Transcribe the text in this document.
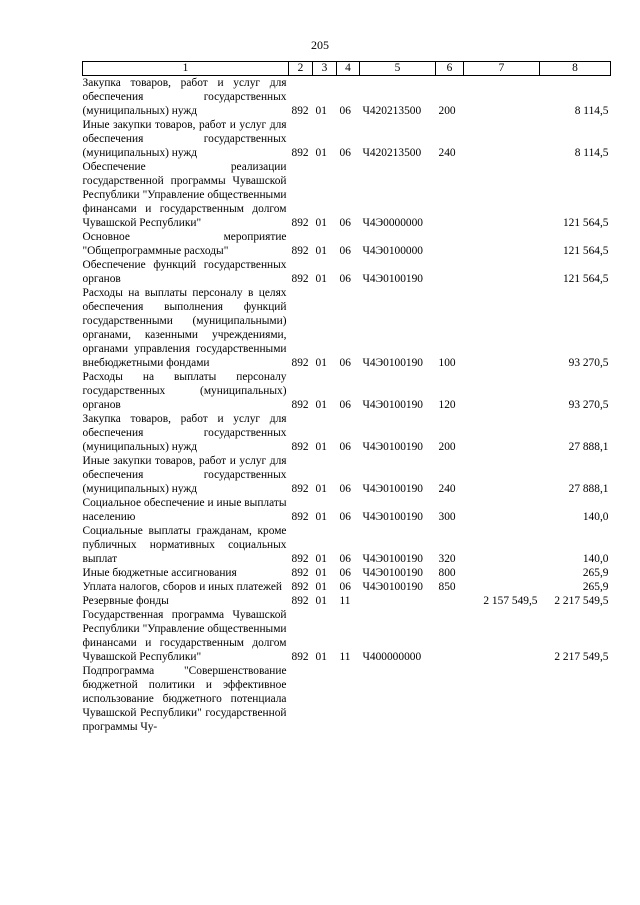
205
1	2	3	4	5	6	7	8
Закупка товаров, работ и услуг для обеспечения государственных (муниципальных) нужд	892	01	06	Ч420213500	200		8 114,5
Иные закупки товаров, работ и услуг для обеспечения государственных (муниципальных) нужд	892	01	06	Ч420213500	240		8 114,5
Обеспечение реализации государственной программы Чувашской Республики "Управление общественными финансами и государственным долгом Чувашской Республики"	892	01	06	Ч4Э0000000			121 564,5
Основное мероприятие "Общепрограммные расходы"	892	01	06	Ч4Э0100000			121 564,5
Обеспечение функций государственных органов	892	01	06	Ч4Э0100190			121 564,5
Расходы на выплаты персоналу в целях обеспечения выполнения функций государственными (муниципальными) органами, казенными учреждениями, органами управления государственными внебюджетными фондами	892	01	06	Ч4Э0100190	100		93 270,5
Расходы на выплаты персоналу государственных (муниципальных) органов	892	01	06	Ч4Э0100190	120		93 270,5
Закупка товаров, работ и услуг для обеспечения государственных (муниципальных) нужд	892	01	06	Ч4Э0100190	200		27 888,1
Иные закупки товаров, работ и услуг для обеспечения государственных (муниципальных) нужд	892	01	06	Ч4Э0100190	240		27 888,1
Социальное обеспечение и иные выплаты населению	892	01	06	Ч4Э0100190	300		140,0
Социальные выплаты гражданам, кроме публичных нормативных социальных выплат	892	01	06	Ч4Э0100190	320		140,0
Иные бюджетные ассигнования	892	01	06	Ч4Э0100190	800		265,9
Уплата налогов, сборов и иных платежей	892	01	06	Ч4Э0100190	850		265,9
Резервные фонды	892	01	11			2 157 549,5	2 217 549,5
Государственная программа Чувашской Республики "Управление общественными финансами и государственным долгом Чувашской Республики"	892	01	11	Ч400000000			2 217 549,5
Подпрограмма "Совершенствование бюджетной политики и эффективное использование бюджетного потенциала Чувашской Республики" государственной программы Чу-							
